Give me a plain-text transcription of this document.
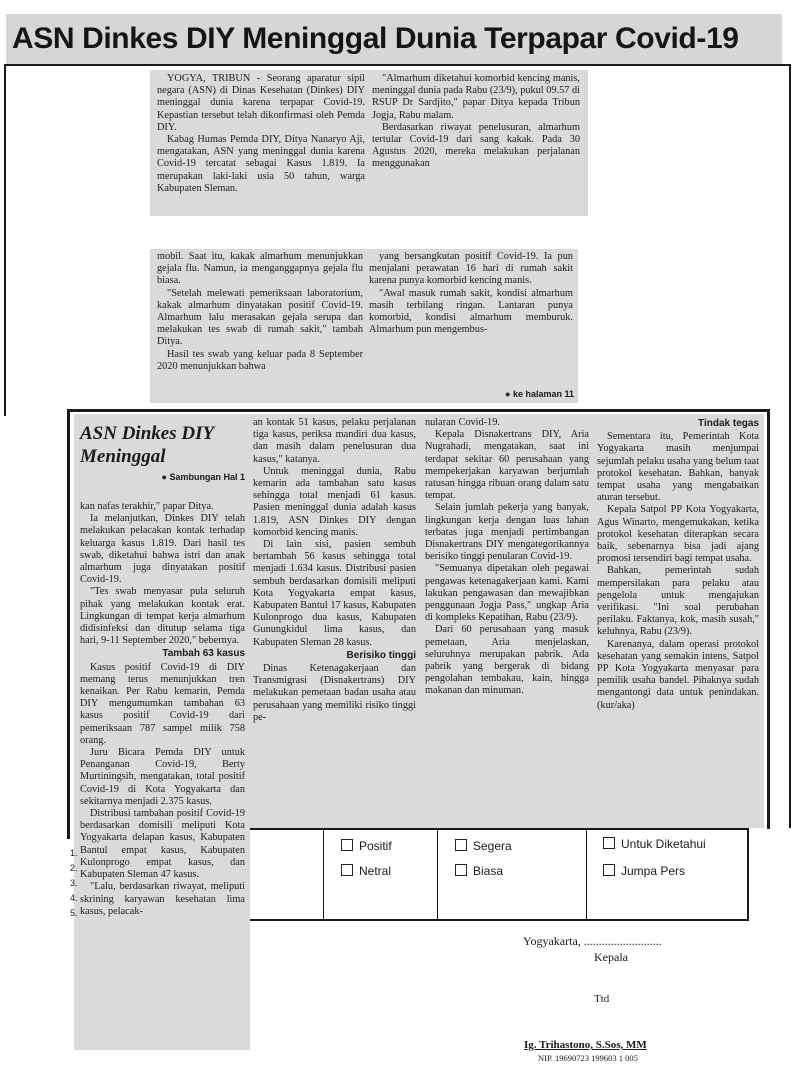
ASN Dinkes DIY Meninggal Dunia Terpapar Covid-19

YOGYA, TRIBUN - Seorang aparatur sipil negara (ASN) di Dinas Kesehatan (Dinkes) DIY meninggal dunia karena terpapar Covid-19. Kepastian tersebut telah dikonfirmasi oleh Pemda DIY.

Kabag Humas Pemda DIY, Ditya Nanaryo Aji, mengatakan, ASN yang meninggal dunia karena Covid-19 tercatat sebagai Kasus 1.819. Ia merupakan laki-laki usia 50 tahun, warga Kabupaten Sleman.

"Almarhum diketahui komorbid kencing manis, meninggal dunia pada Rabu (23/9), pukul 09.57 di RSUP Dr Sardjito," papar Ditya kepada Tribun Jogja, Rabu malam.

Berdasarkan riwayat penelusuran, almarhum tertular Covid-19 dari sang kakak. Pada 30 Agustus 2020, mereka melakukan perjalanan menggunakan

mobil. Saat itu, kakak almarhum menunjukkan gejala flu. Namun, ia menganggapnya gejala flu biasa.

"Setelah melewati pemeriksaan laboratorium, kakak almarhum dinyatakan positif Covid-19. Almarhum lalu merasakan gejala serupa dan melakukan tes swab di rumah sakit," tambah Ditya.

Hasil tes swab yang keluar pada 8 September 2020 menunjukkan bahwa

yang bersangkutan positif Covid-19. Ia pun menjalani perawatan 16 hari di rumah sakit karena punya komorbid kencing manis.

"Awal masuk rumah sakit, kondisi almarhum masih terbilang ringan. Lantaran punya komorbid, kondisi almarhum memburuk. Almarhum pun mengembus-

● ke halaman 11

ASN Dinkes DIY Meninggal

● Sambungan Hal 1

kan nafas terakhir," papar Ditya.

Ia melanjutkan, Dinkes DIY telah melakukan pelacakan kontak terhadap keluarga kasus 1.819. Dari hasil tes swab, diketahui bahwa istri dan anak almarhum juga dinyatakan positif Covid-19.

"Tes swab menyasar pula seluruh pihak yang melakukan kontak erat. Lingkungan di tempat kerja almarhum didisinfeksi dan ditutup selama tiga hari, 9-11 September 2020," bebernya.

Tambah 63 kasus

Kasus positif Covid-19 di DIY memang terus menunjukkan tren kenaikan. Per Rabu kemarin, Pemda DIY mengumumkan tambahan 63 kasus positif Covid-19 dari pemeriksaan 787 sampel milik 758 orang.

Juru Bicara Pemda DIY untuk Penanganan Covid-19, Berty Murtiningsih, mengatakan, total positif Covid-19 di Kota Yogyakarta dan sekitarnya menjadi 2.375 kasus.

Distribusi tambahan positif Covid-19 berdasarkan domisili meliputi Kota Yogyakarta delapan kasus, Kabupaten Bantul empat kasus, Kabupaten Kulonprogo empat kasus, dan Kabupaten Sleman 47 kasus.

"Lalu, berdasarkan riwayat, meliputi skrining karyawan kesehatan lima kasus, pelacak-

an kontak 51 kasus, pelaku perjalanan tiga kasus, periksa mandiri dua kasus, dan masih dalam penelusuran dua kasus," katanya.

Untuk meninggal dunia, Rabu kemarin ada tambahan satu kasus sehingga total menjadi 61 kasus. Pasien meninggal dunia adalah kasus 1.819, ASN Dinkes DIY dengan komorbid kencing manis.

Di lain sisi, pasien sembuh bertambah 56 kasus sehingga total menjadi 1.634 kasus. Distribusi pasien sembuh berdasarkan domisili meliputi Kota Yogyakarta empat kasus, Kabupaten Bantul 17 kasus, Kabupaten Kulonprogo dua kasus, Kabupaten Gunungkidul lima kasus, dan Kabupaten Sleman 28 kasus.

Berisiko tinggi

Dinas Ketenagakerjaan dan Transmigrasi (Disnakertrans) DIY melakukan pemetaan badan usaha atau perusahaan yang memiliki risiko tinggi pe-

nularan Covid-19.

Kepala Disnakertrans DIY, Aria Nugrahadi, mengatakan, saat ini terdapat sekitar 60 perusahaan yang mempekerjakan karyawan berjumlah ratusan hingga ribuan orang dalam satu tempat.

Selain jumlah pekerja yang banyak, lingkungan kerja dengan luas lahan terbatas juga menjadi pertimbangan Disnakertrans DIY mengategorikannya berisiko tinggi penularan Covid-19.

"Semuanya dipetakan oleh pegawai pengawas ketenagakerjaan kami. Kami lakukan pengawasan dan mewajibkan penggunaan Jogja Pass," ungkap Aria di kompleks Kepatihan, Rabu (23/9).

Dari 60 perusahaan yang masuk pemetaan, Aria menjelaskan, seluruhnya merupakan pabrik. Ada pabrik yang bergerak di bidang pengolahan tembakau, kain, hingga makanan dan minuman.

Tindak tegas

Sementara itu, Pemerintah Kota Yogyakarta masih menjumpai sejumlah pelaku usaha yang belum taat protokol kesehatan. Bahkan, banyak tempat usaha yang mengabaikan aturan tersebut.

Kepala Satpol PP Kota Yogyakarta, Agus Winarto, mengemukakan, ketika protokol kesehatan diterapkan secara baik, sebenarnya bisa jadi ajang promosi tersendiri bagi tempat usaha.

Bahkan, pemerintah sudah mempersilakan para pelaku atau pengelola untuk mengajukan verifikasi. "Ini soal perubahan perilaku. Faktanya, kok, masih susah," keluhnya, Rabu (23/9).

Karenanya, dalam operasi protokol kesehatan yang semakin intens, Satpol PP Kota Yogyakarta menyasar para pemilik usaha bandel. Pihaknya sudah mengantongi data untuk penindakan. (kur/aka)

1.
2.
3.
4.
5.
Positif
Netral
Segera
Biasa
Untuk Diketahui
Jumpa Pers
Yogyakarta, ..........................
Kepala
Ttd
Ig. Trihastono, S.Sos, MM
NIP. 19690723 199603 1 005
